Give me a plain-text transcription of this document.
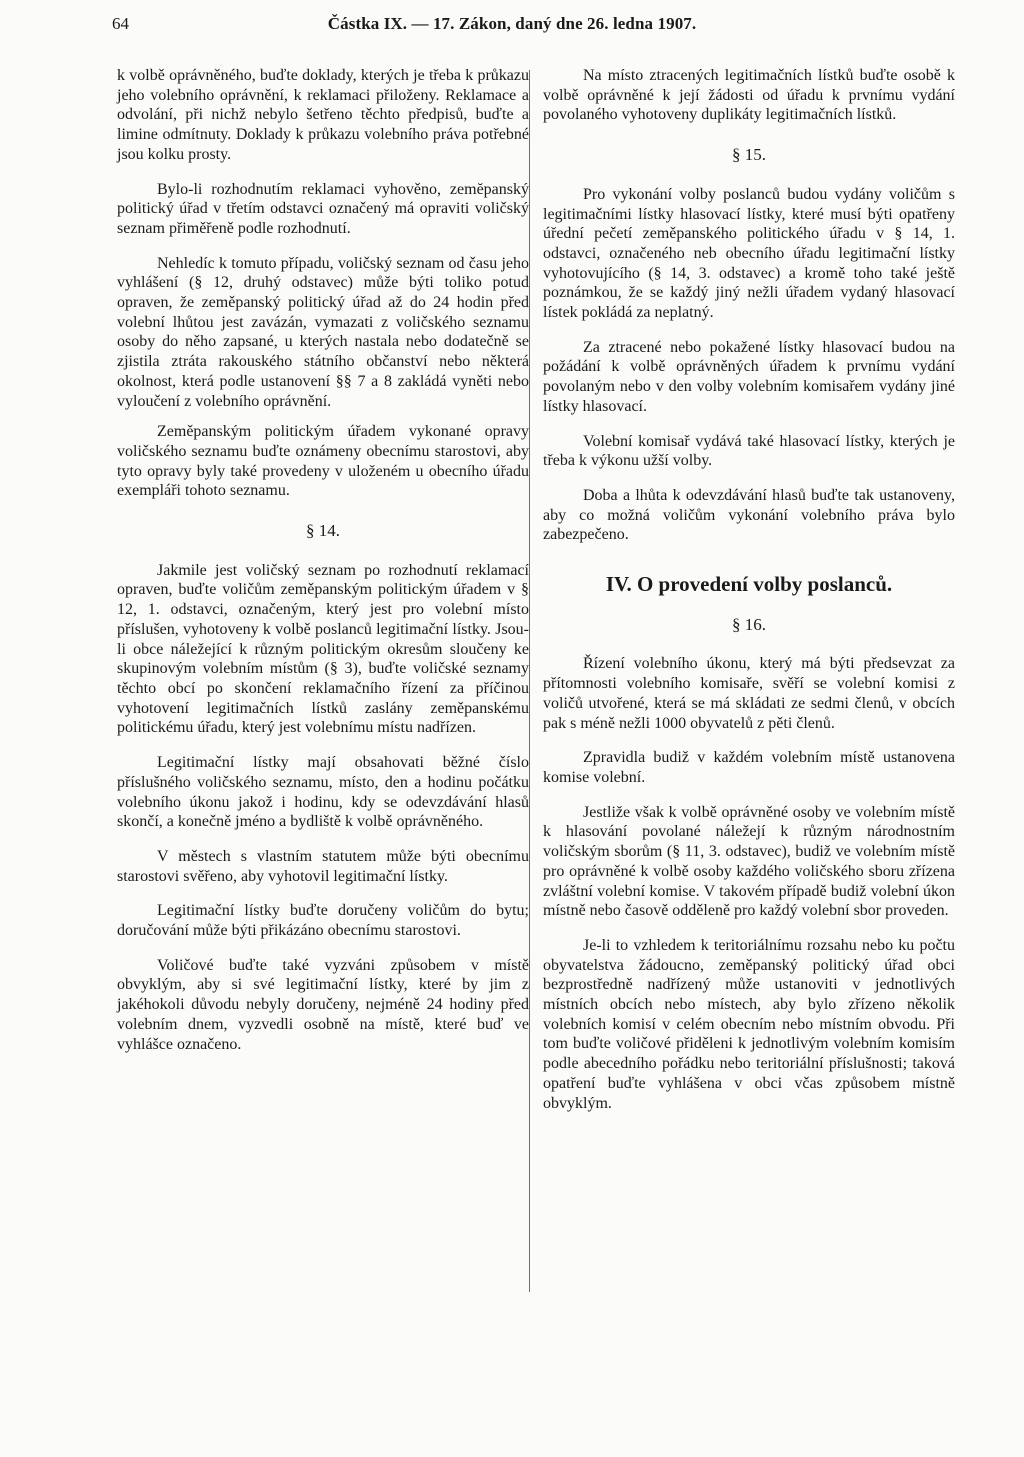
64	Částka IX. — 17. Zákon, daný dne 26. ledna 1907.

k volbě oprávněného, buďte doklady, kterých je třeba k průkazu jeho volebního oprávnění, k reklamaci přiloženy. Reklamace a odvolání, při nichž nebylo šetřeno těchto předpisů, buďte a limine odmítnuty. Doklady k průkazu volebního práva potřebné jsou kolku prosty.

Bylo-li rozhodnutím reklamaci vyhověno, zemĕpanský politický úřad v třetím odstavci označený má opraviti voličský seznam přiměřeně podle rozhodnutí.

Nehledíc k tomuto případu, voličský seznam od času jeho vyhlášení (§ 12, druhý odstavec) může býti toliko potud opraven, že zeměpanský politický úřad až do 24 hodin před volební lhůtou jest zavázán, vymazati z voličského seznamu osoby do něho zapsané, u kterých nastala nebo dodatečně se zjistila ztráta rakouského státního občanství nebo některá okolnost, která podle ustanovení §§ 7 a 8 zakládá vyněti nebo vyloučení z volebního oprávnění.

Zeměpanským politickým úřadem vykonané opravy voličského seznamu buďte oznámeny obecnímu starostovi, aby tyto opravy byly také provedeny v uloženém u obecního úřadu exempláři tohoto seznamu.

§ 14.

Jakmile jest voličský seznam po rozhodnutí reklamací opraven, buďte voličům zeměpanským politickým úřadem v § 12, 1. odstavci, označeným, který jest pro volební místo příslušen, vyhotoveny k volbě poslanců legitimační lístky. Jsou-li obce náležející k různým politickým okresům sloučeny ke skupinovým volebním místům (§ 3), buďte voličské seznamy těchto obcí po skončení reklamačního řízení za příčinou vyhotovení legitimačních lístků zaslány zeměpanskému politickému úřadu, který jest volebnímu místu nadřízen.

Legitimační lístky mají obsahovati běžné číslo příslušného voličského seznamu, místo, den a hodinu počátku volebního úkonu jakož i hodinu, kdy se odevzdávání hlasů skončí, a konečně jméno a bydliště k volbě oprávněného.

V městech s vlastním statutem může býti obecnímu starostovi svěřeno, aby vyhotovil legitimační lístky.

Legitimační lístky buďte doručeny voličům do bytu; doručování může býti přikázáno obecnímu starostovi.

Voličové buďte také vyzváni způsobem v místě obvyklým, aby si své legitimační lístky, které by jim z jakéhokoli důvodu nebyly doručeny, nejméně 24 hodiny před volebním dnem, vyzvedli osobně na místě, které buď ve vyhlášce označeno.

Na místo ztracených legitimačních lístků buďte osobě k volbě oprávněné k její žádosti od úřadu k prvnímu vydání povolaného vyhotoveny duplikáty legitimačních lístků.

§ 15.

Pro vykonání volby poslanců budou vydány voličům s legitimačními lístky hlasovací lístky, které musí býti opatřeny úřední pečetí zeměpanského politického úřadu v § 14, 1. odstavci, označeného neb obecního úřadu legitimační lístky vyhotovujícího (§ 14, 3. odstavec) a kromě toho také ještě poznámkou, že se každý jiný nežli úřadem vydaný hlasovací lístek pokládá za neplatný.

Za ztracené nebo pokažené lístky hlasovací budou na požádání k volbě oprávněných úřadem k prvnímu vydání povolaným nebo v den volby volebním komisařem vydány jiné lístky hlasovací.

Volební komisař vydává také hlasovací lístky, kterých je třeba k výkonu užší volby.

Doba a lhůta k odevzdávání hlasů buďte tak ustanoveny, aby co možná voličům vykonání volebního práva bylo zabezpečeno.

IV. O provedení volby poslanců.
§ 16.

Řízení volebního úkonu, který má býti předsevzat za přítomnosti volebního komisaře, svěří se volební komisi z voličů utvořené, která se má skládati ze sedmi členů, v obcích pak s méně nežli 1000 obyvatelů z pěti členů.

Zpravidla budiž v každém volebním místě ustanovena komise volební.

Jestliže však k volbě oprávněné osoby ve volebním místě k hlasování povolané náležejí k různým národnostním voličským sborům (§ 11, 3. odstavec), budiž ve volebním místě pro oprávněné k volbě osoby každého voličského sboru zřízena zvláštní volební komise. V takovém případě budiž volební úkon místně nebo časově odděleně pro každý volební sbor proveden.

Je-li to vzhledem k teritoriálnímu rozsahu nebo ku počtu obyvatelstva žádoucno, zeměpanský politický úřad obci bezprostředně nadřízený může ustanoviti v jednotlivých místních obcích nebo místech, aby bylo zřízeno několik volebních komisí v celém obecním nebo místním obvodu. Při tom buďte voličové přiděleni k jednotlivým volebním komisím podle abecedního pořádku nebo teritoriální příslušnosti; taková opatření buďte vyhlášena v obci včas způsobem místně obvyklým.
